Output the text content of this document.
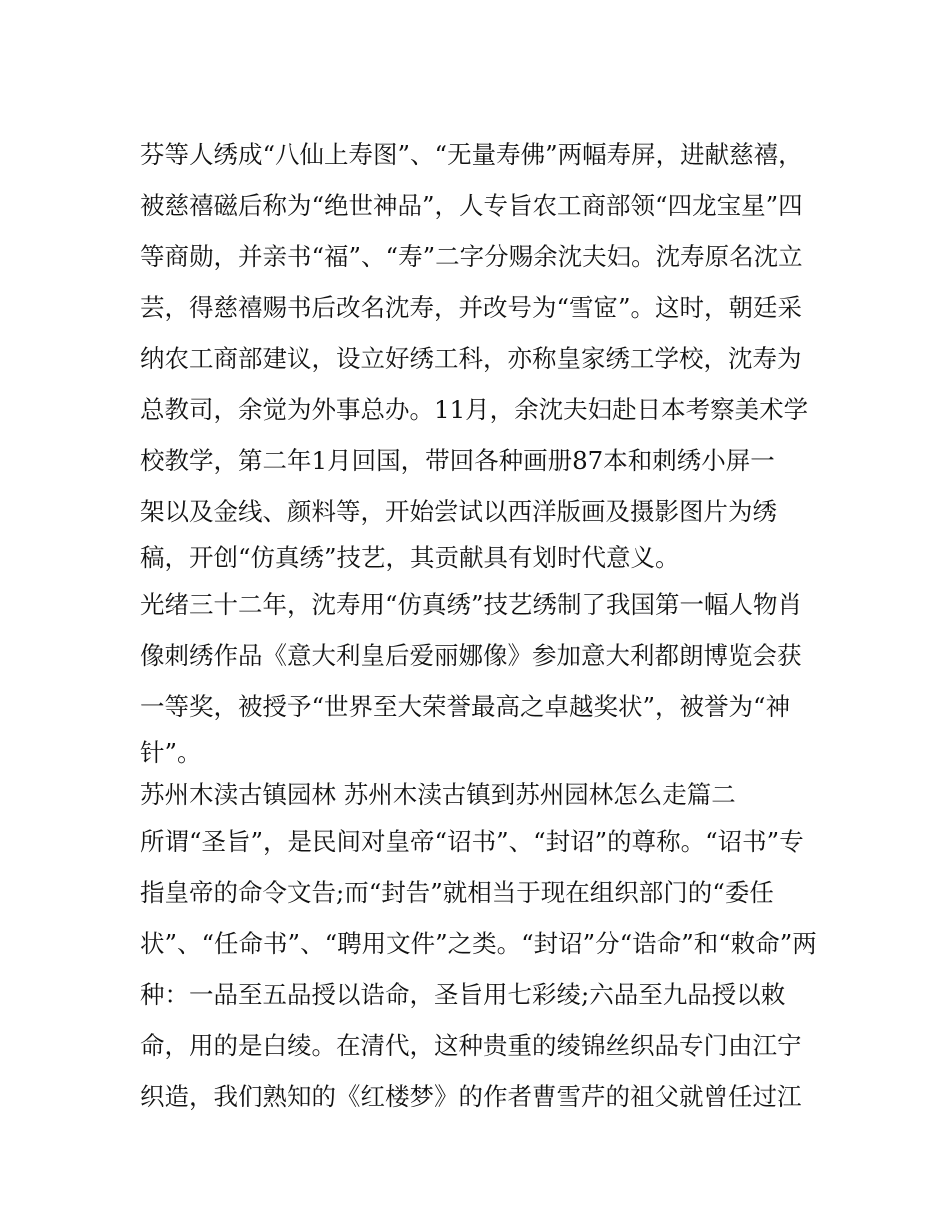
芬等人绣成“八仙上寿图”、“无量寿佛”两幅寿屏，进献慈禧，
被慈禧磁后称为“绝世神品”，人专旨农工商部领“四龙宝星”四
等商勋，并亲书“福”、“寿”二字分赐余沈夫妇。沈寿原名沈立
芸，得慈禧赐书后改名沈寿，并改号为“雪宧”。这时，朝廷采
纳农工商部建议，设立好绣工科，亦称皇家绣工学校，沈寿为
总教司，余觉为外事总办。11月，余沈夫妇赴日本考察美术学
校教学，第二年1月回国，带回各种画册87本和刺绣小屏一
架以及金线、颜料等，开始尝试以西洋版画及摄影图片为绣
稿，开创“仿真绣”技艺，其贡献具有划时代意义。
光绪三十二年，沈寿用“仿真绣”技艺绣制了我国第一幅人物肖
像刺绣作品《意大利皇后爱丽娜像》参加意大利都朗博览会获
一等奖，被授予“世界至大荣誉最高之卓越奖状”，被誉为“神
针”。
苏州木渎古镇园林 苏州木渎古镇到苏州园林怎么走篇二
所谓“圣旨”，是民间对皇帝“诏书”、“封诏”的尊称。“诏书”专
指皇帝的命令文告;而“封告”就相当于现在组织部门的“委任
状”、“任命书”、“聘用文件”之类。“封诏”分“诰命”和“敕命”两
种：一品至五品授以诰命，圣旨用七彩绫;六品至九品授以敕
命，用的是白绫。在清代，这种贵重的绫锦丝织品专门由江宁
织造，我们熟知的《红楼梦》的作者曹雪芹的祖父就曾任过江
